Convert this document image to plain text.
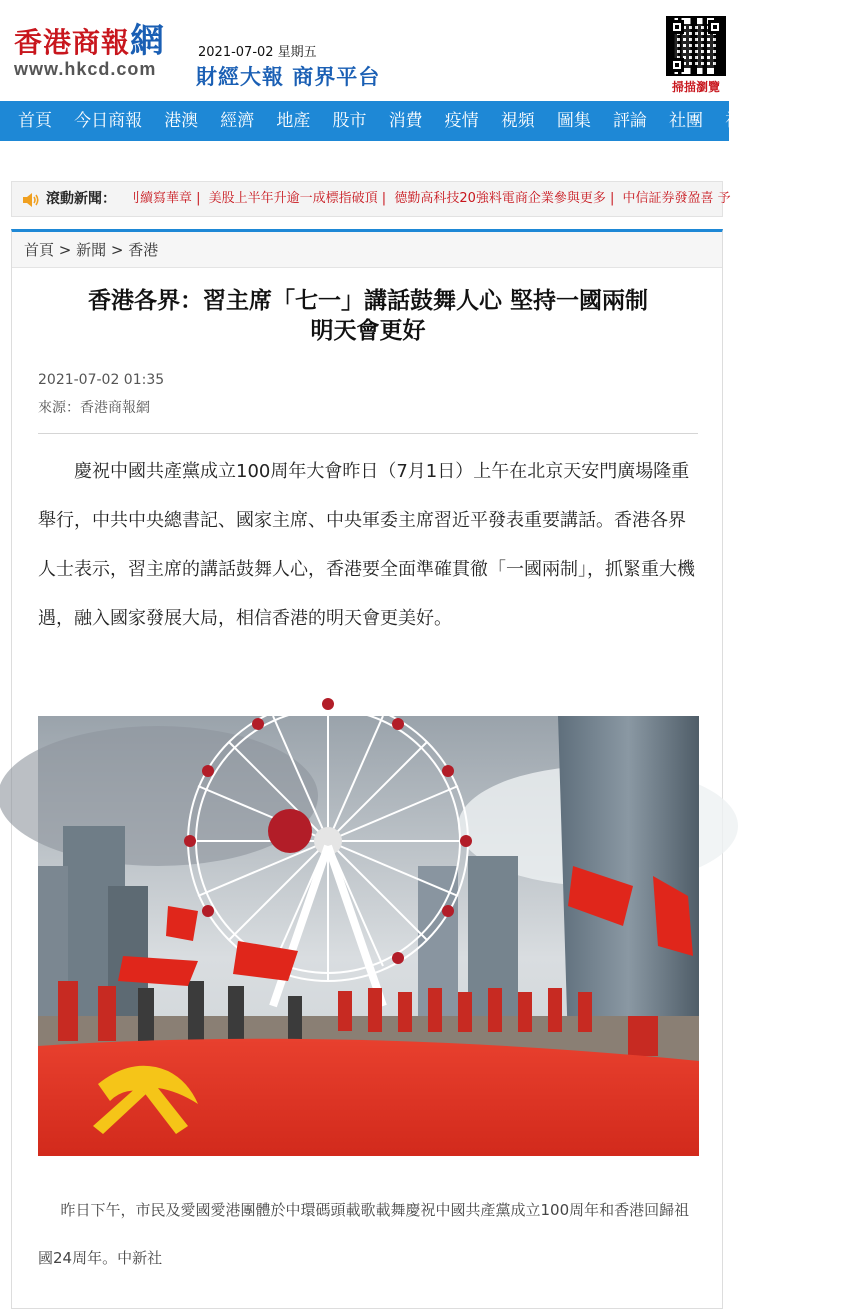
香港商報網
www.hkcd.com
2021-07-02 星期五
財經大報 商界平台	掃描瀏覽
首頁 今日商報 港澳 經濟 地產 股市 消費 疫情 視頻 圖集 評論 社團 神州 台海 理
滾動新聞： 刂續寫華章 | 美股上半年升逾一成標指破頂 | 德勤高科技20強料電商企業參與更多 | 中信証券發盈喜 予
首頁 > 新聞 > 香港
香港各界：習主席「七一」講話鼓舞人心 堅持一國兩制
明天會更好
2021-07-02 01:35
來源：香港商報網

慶祝中國共產黨成立100周年大會昨日（7月1日）上午在北京天安門廣場隆重舉行，中共中央總書記、國家主席、中央軍委主席習近平發表重要講話。香港各界人士表示，習主席的講話鼓舞人心，香港要全面準確貫徹「一國兩制」，抓緊重大機遇，融入國家發展大局，相信香港的明天會更美好。

昨日下午，市民及愛國愛港團體於中環碼頭載歌載舞慶祝中國共產黨成立100周年和香港回歸祖國24周年。中新社
